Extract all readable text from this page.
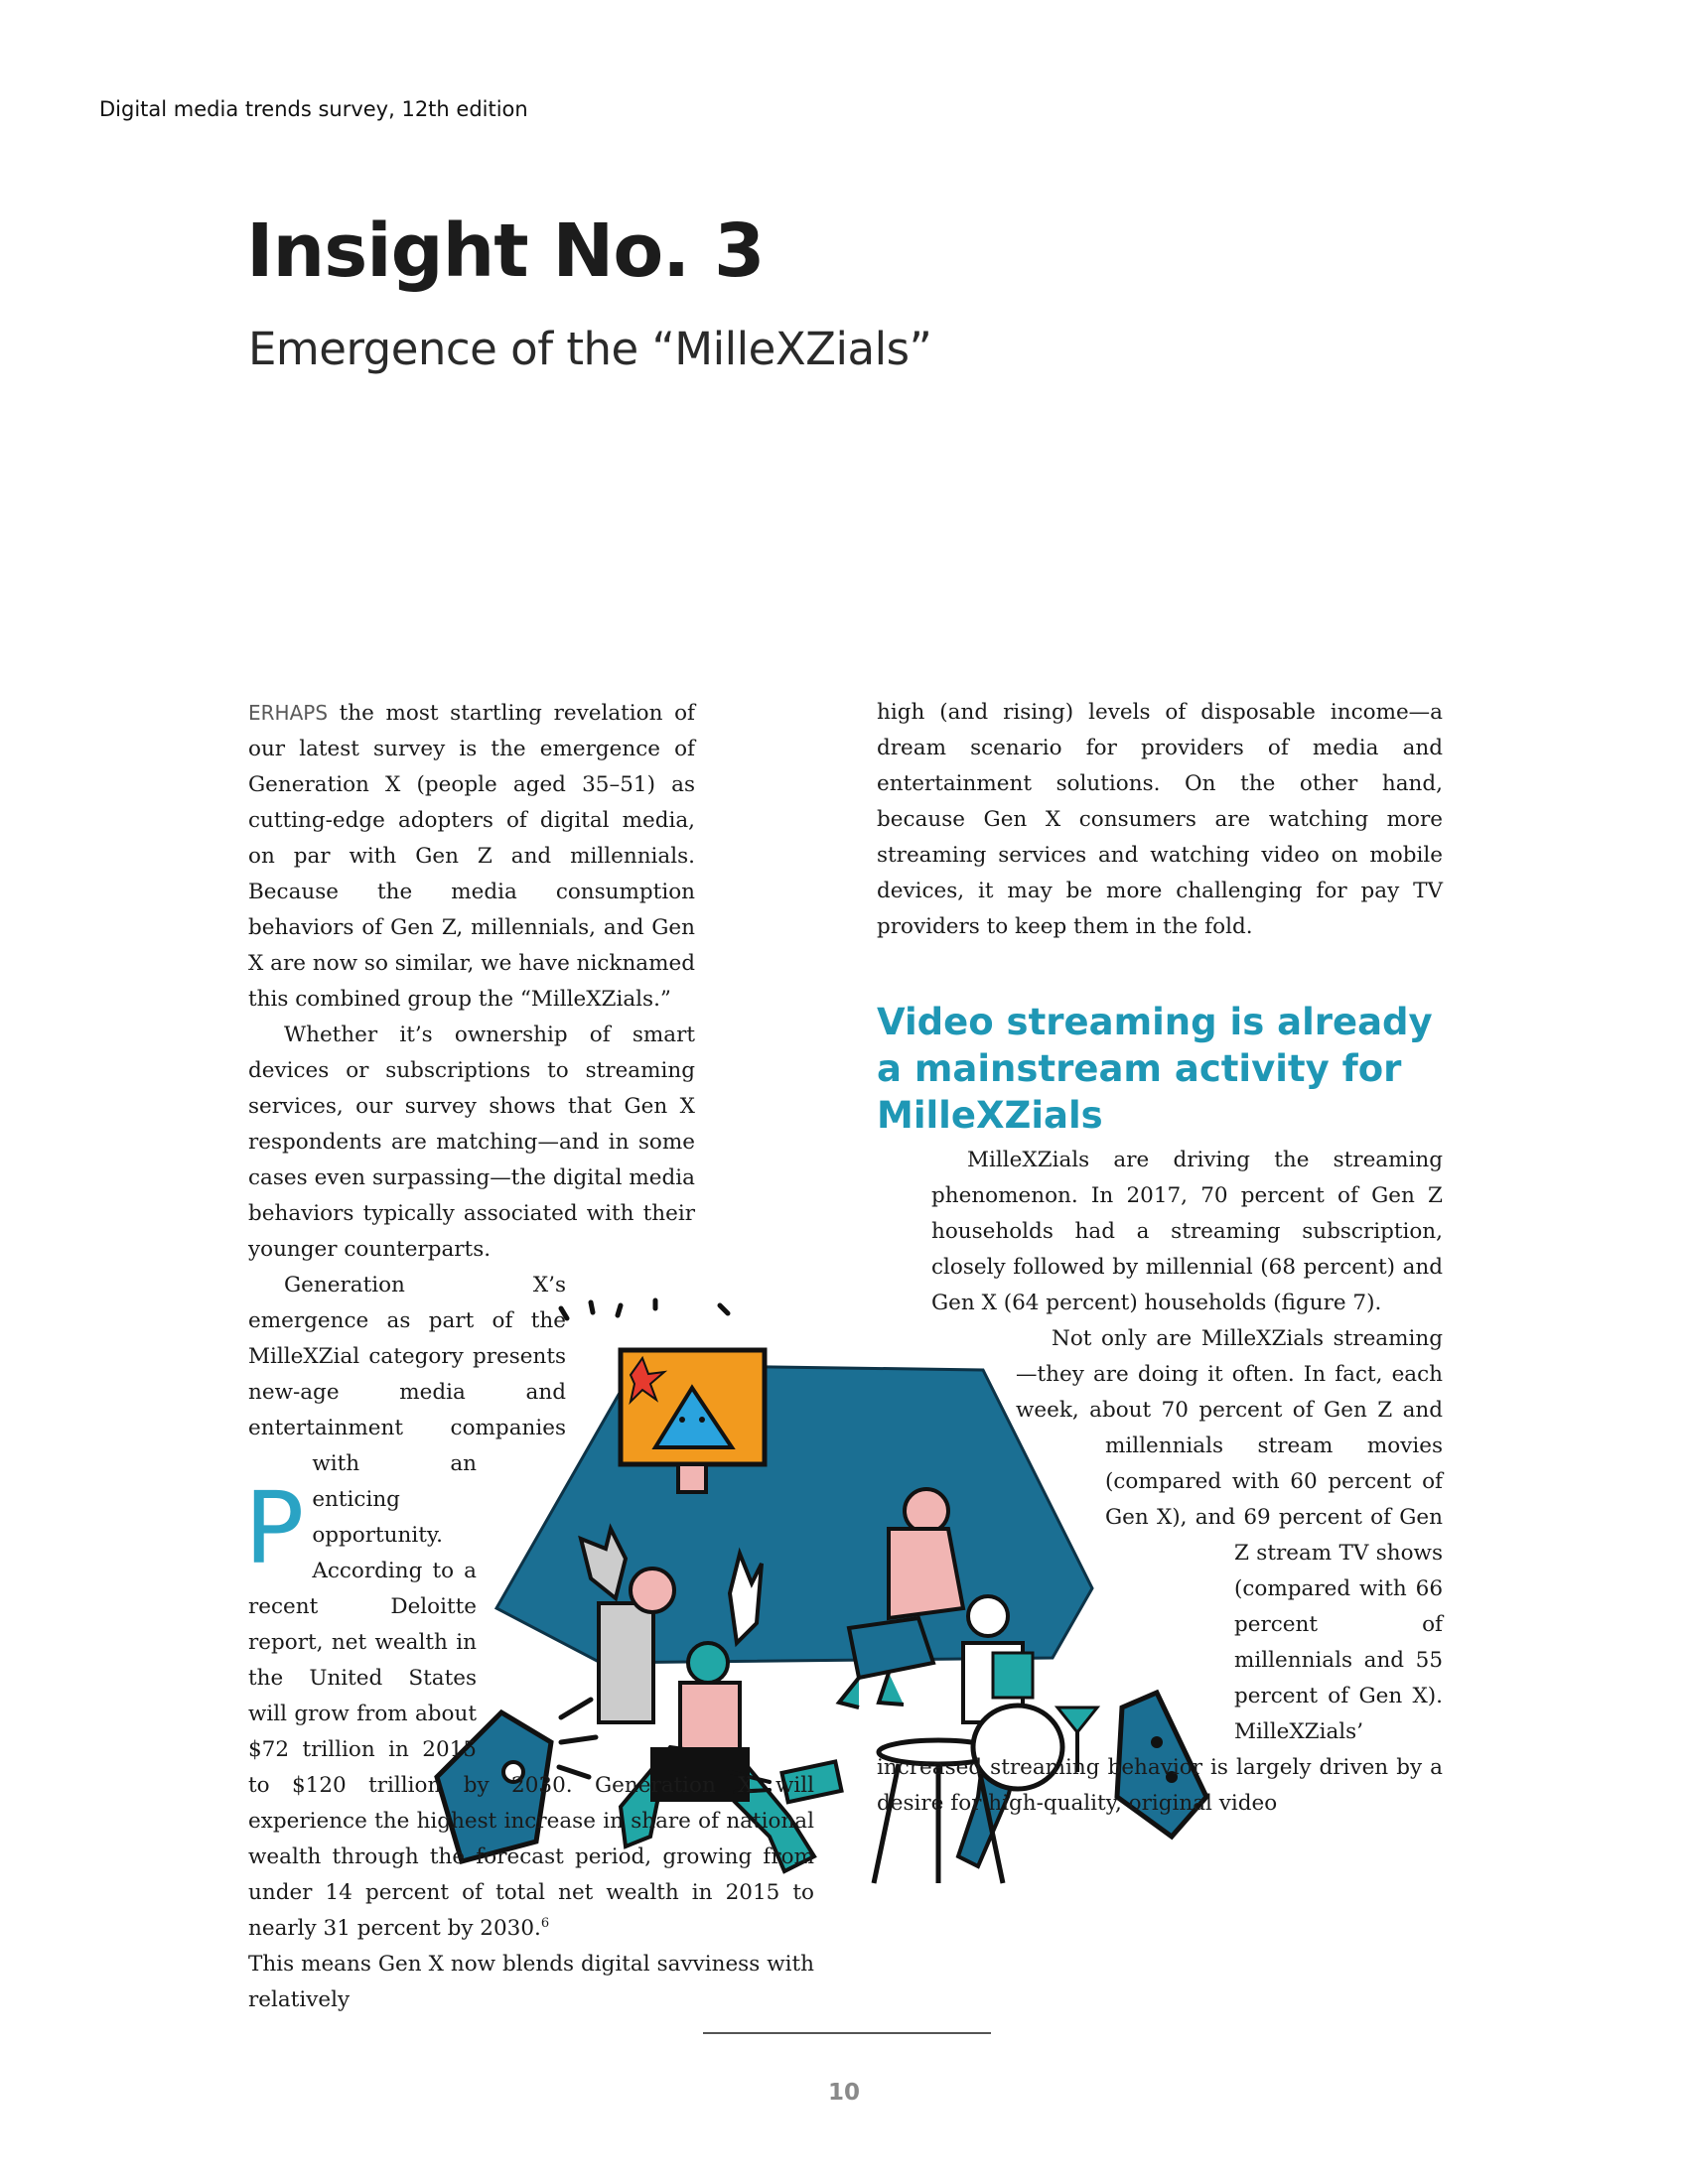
Digital media trends survey, 12th edition
Insight No. 3
Emergence of the “MilleXZials”

P
ERHAPS the most startling revelation of our latest survey is the emergence of Generation X (people aged 35–51) as cutting-edge adopters of digital media, on par with Gen Z and millennials. Because the media consumption behaviors of Gen Z, millennials, and Gen X are now so similar, we have nicknamed this combined group the “MilleXZials.”

Whether it’s ownership of smart devices or subscriptions to streaming services, our survey shows that Gen X respondents are matching—and in some cases even surpassing—the digital media behaviors typically associated with their younger counterparts.

Generation X’s emergence as part of the MilleXZial category presents new-age media and entertainment companies with an enticing opportunity. According to a recent Deloitte report, net wealth in the United States will grow from about $72 trillion in 2015 to $120 trillion by 2030. Generation X will experience the highest increase in share of national wealth through the forecast period, growing from under 14 percent of total net wealth in 2015 to nearly 31 percent by 2030.$^6$

This means Gen X now blends digital savviness with relatively

high (and rising) levels of disposable income—a dream scenario for providers of media and entertainment solutions. On the other hand, because Gen X consumers are watching more streaming services and watching video on mobile devices, it may be more challenging for pay TV providers to keep them in the fold.

Video streaming is already a mainstream activity for MilleXZials

MilleXZials are driving the streaming phenomenon. In 2017, 70 percent of Gen Z households had a streaming subscription, closely followed by millennial (68 percent) and Gen X (64 percent) households (figure 7).

Not only are MilleXZials streaming—they are doing it often. In fact, each week, about 70 percent of Gen Z and millennials stream movies (compared with 60 percent of Gen X), and 69 percent of Gen Z stream TV shows (compared with 66 percent of millennials and 55 percent of Gen X). MilleXZials’ increased streaming behavior is largely driven by a desire for high-quality, original video

10
